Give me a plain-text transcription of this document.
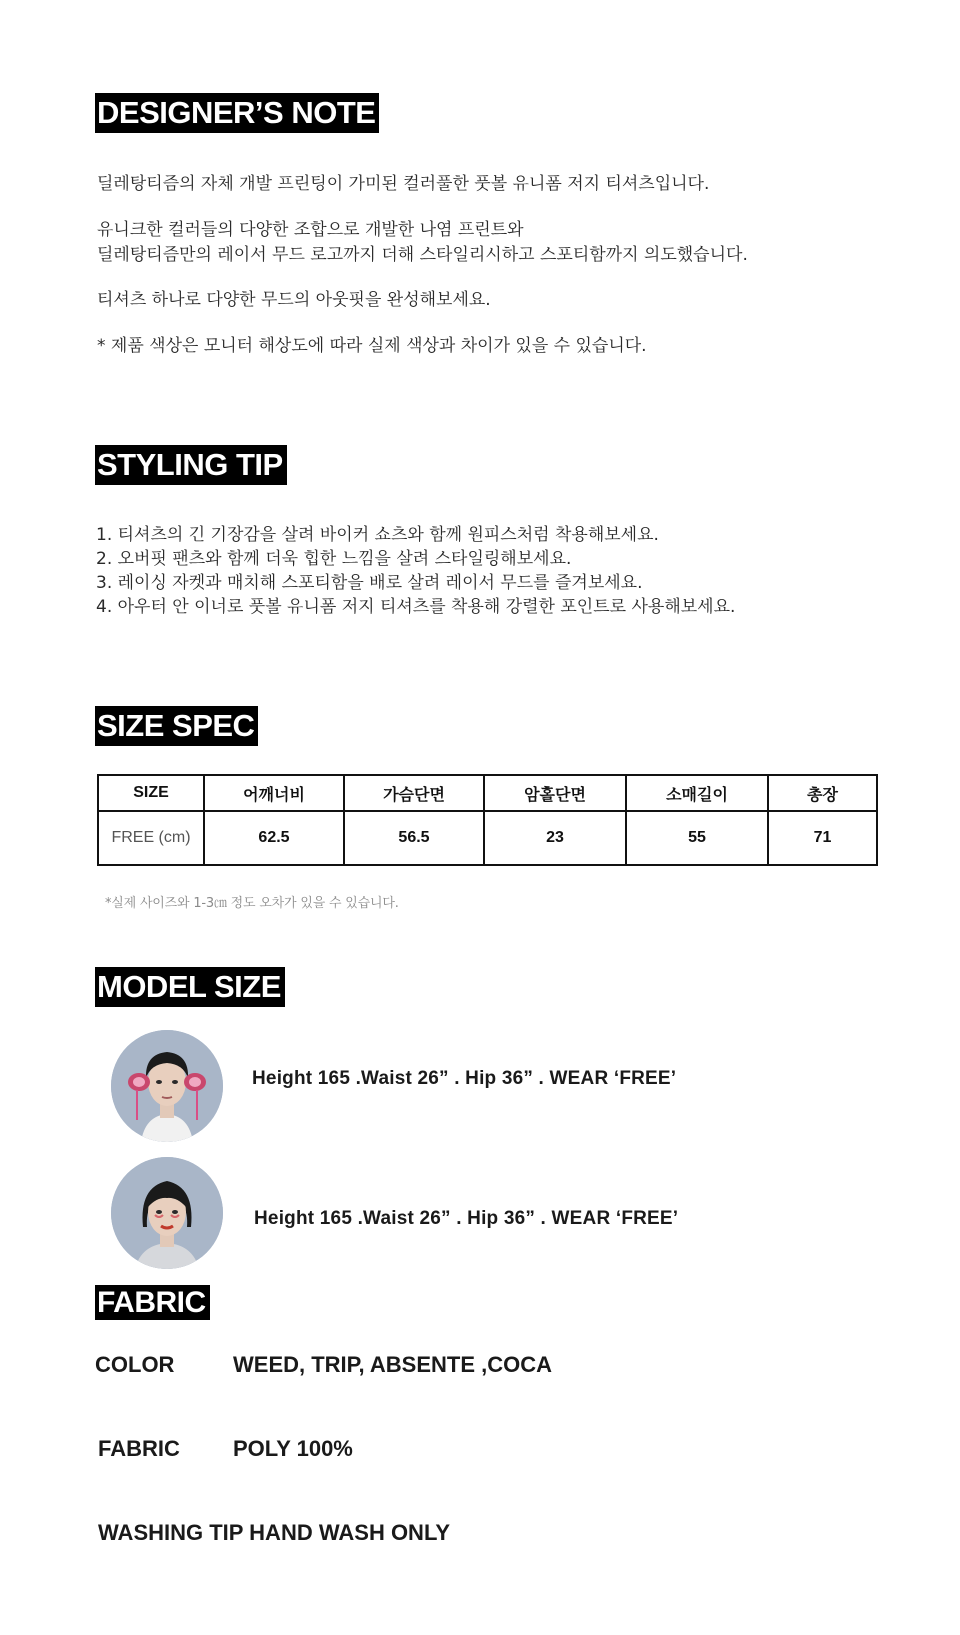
DESIGNER’S NOTE

딜레탕티즘의 자체 개발 프린팅이 가미된 컬러풀한 풋볼 유니폼 저지 티셔츠입니다.

유니크한 컬러들의 다양한 조합으로 개발한 나염 프린트와

딜레탕티즘만의 레이서 무드 로고까지 더해 스타일리시하고 스포티함까지 의도했습니다.

티셔츠 하나로 다양한 무드의 아웃핏을 완성해보세요.

* 제품 색상은 모니터 해상도에 따라 실제 색상과 차이가 있을 수 있습니다.

STYLING TIP
1. 티셔츠의 긴 기장감을 살려 바이커 쇼츠와 함께 원피스처럼 착용해보세요.
2. 오버핏 팬츠와 함께 더욱 힙한 느낌을 살려 스타일링해보세요.
3. 레이싱 자켓과 매치해 스포티함을 배로 살려 레이서 무드를 즐겨보세요.
4. 아우터 안 이너로 풋볼 유니폼 저지 티셔츠를 착용해 강렬한 포인트로 사용해보세요.
SIZE SPEC
SIZE	어깨너비	가슴단면	암홀단면	소매길이	총장
FREE (cm)	62.5	56.5	23	55	71

*실제 사이즈와 1-3㎝ 정도 오차가 있을 수 있습니다.

MODEL SIZE

Height 165 .Waist 26” . Hip 36” . WEAR ‘FREE’

Height 165 .Waist 26” . Hip 36” . WEAR ‘FREE’

FABRIC
COLOR	WEED, TRIP, ABSENTE ,COCA
FABRIC POLY 100%
WASHING TIP HAND WASH ONLY
